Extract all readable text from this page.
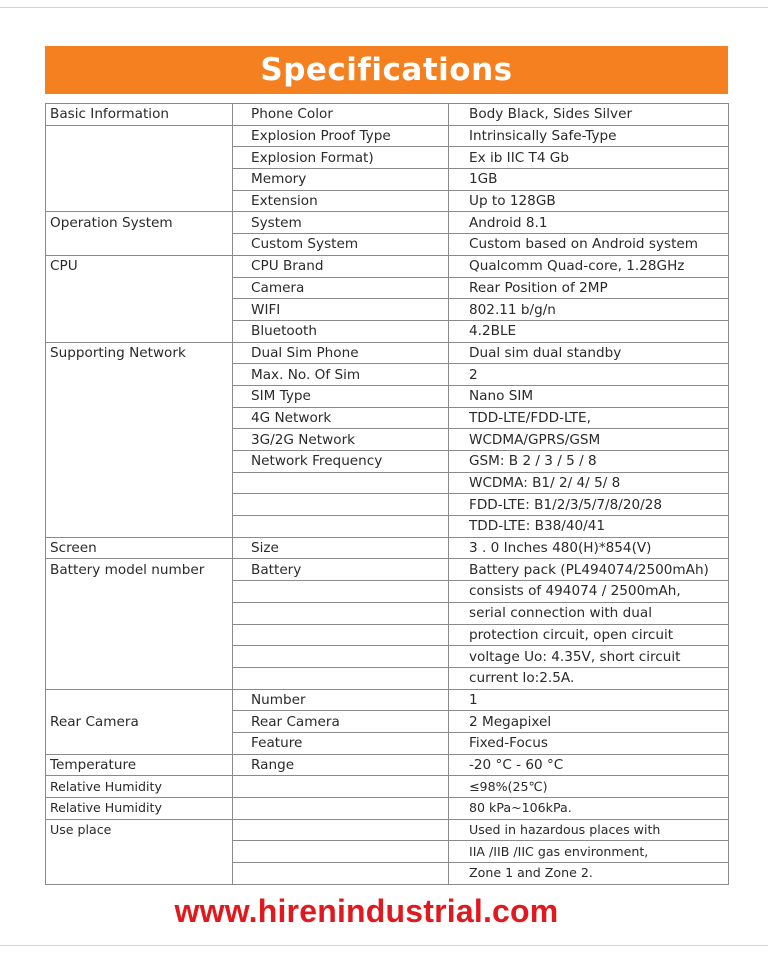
Specifications
Basic Information	Phone Color	Body Black, Sides Silver
	Explosion Proof Type	Intrinsically Safe-Type
	Explosion Format)	Ex ib IIC T4 Gb
	Memory	1GB
	Extension	Up to 128GB
Operation System	System	Android 8.1
	Custom System	Custom based on Android system
CPU	CPU Brand	Qualcomm Quad-core, 1.28GHz
	Camera	Rear Position of 2MP
	WIFI	802.11 b/g/n
	Bluetooth	4.2BLE
Supporting Network	Dual Sim Phone	Dual sim dual standby
	Max. No. Of Sim	2
	SIM Type	Nano SIM
	4G Network	TDD-LTE/FDD-LTE,
	3G/2G Network	WCDMA/GPRS/GSM
	Network Frequency	GSM: B 2 / 3 / 5 / 8
		WCDMA: B1/ 2/ 4/ 5/ 8
		FDD-LTE: B1/2/3/5/7/8/20/28
		TDD-LTE: B38/40/41
Screen	Size	3 . 0 Inches 480(H)*854(V)
Battery model number	Battery	Battery pack (PL494074/2500mAh)
		consists of 494074 / 2500mAh,
		serial connection with dual
		protection circuit, open circuit
		voltage Uo: 4.35V, short circuit
		current Io:2.5A.
Rear Camera	Number	1
	Rear Camera	2 Megapixel
	Feature	Fixed-Focus
Temperature	Range	-20 °C - 60 °C
Relative Humidity		≤98%(25℃)
Relative Humidity		80 kPa~106kPa.
Use place		Used in hazardous places with
		IIA /IIB /IIC gas environment,
		Zone 1 and Zone 2.
www.hirenindustrial.com
